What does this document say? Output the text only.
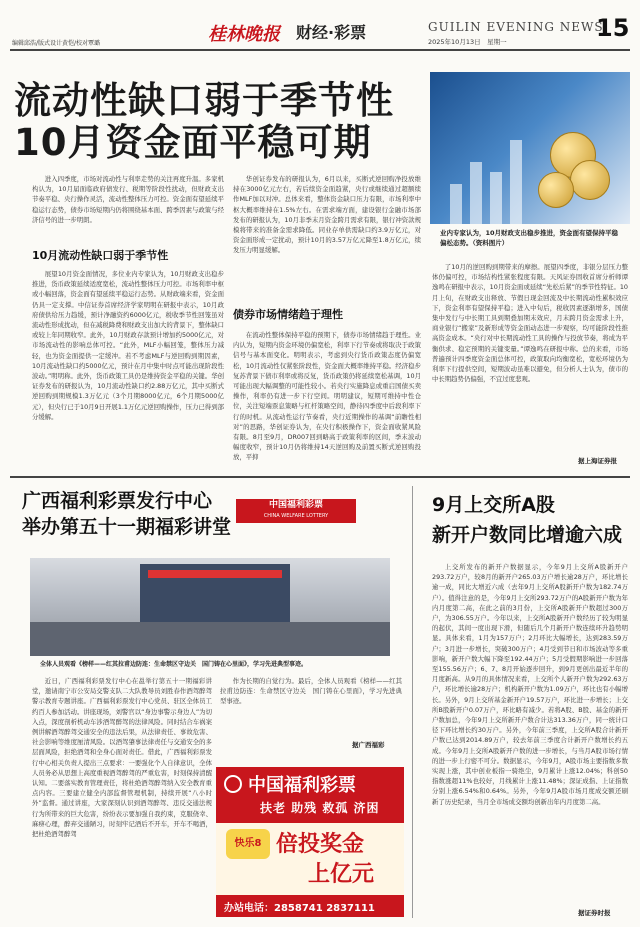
编辑邱浩/版式设计黄恺/校对覃璐	桂林晚报 财经·彩票	GUILIN EVENING NEWS
2025年10月13日　星期一	15
流动性缺口弱于季节性
10月资金面平稳可期
进入四季度，市场对流动性与利率走势的关注再度升温。多家机构认为，10月届面临政府债发行、税期等阶段性扰动，但财政支出节奏平稳、央行操作灵活，流动性整体压力可控。资金面有望延续平稳运行态势，债券市场短期内仍将围绕基本面、跨季因素与政策与经济信号的进一步明朗。
10月流动性缺口弱于季节性
展望10月资金面情况，多位业内专家认为，10月财政支出稳步推进，货币政策延续适度宽松，流动性整体压力可控。市场利率中枢或小幅回落，资金面有望延续平稳运行态势。从财政端来看，资金面仍具一定支撑。中信证券首席经济学家明明在研报中表示，10月政府债供给压力趋缓，预计净融资约6000亿元，税收季节性回笼虽对流动性形成扰动，但在减税降费和财政支出加大的背景下，整体缺口或较上年同期收窄。此外，10月财政存款预计增加约5000亿元，对市场流动性的影响总体可控。“此外，MLF小幅回笼，整体压力减轻，也为资金面提供一定缓冲。若不考虑MLF与逆回购到期因素，10月流动性缺口约5000亿元，预计在月中集中时点可能出现阶段性波动。”明明称。此外，货币政策工具仍是维持资金平稳的关键。华创证券发布的研报认为，10月流动性缺口约2.88万亿元，其中买断式逆回购到期规模1.3万亿元（3个月期8000亿元，6个月期5000亿元），但央行已于10月9日开展1.1万亿元逆回购操作，压力已得到部分缓解。
华创证券发布的研报认为，6月以来，买断式逆回购净投放维持在3000亿元左右，若后续资金面趋紧，央行或继续通过超额续作MLF加以对冲。总体来看，整体资金缺口压力有限，市场利率中枢大概率维持在1.5%左右。在需求端方面，建设银行金融市场部发布的研报认为，10月非季末月资金跨月需求有限，银行冲资款规模将带来的准备金需求降低。同业存单供需缺口约3.9万亿元，对资金面形成一定扰动，预计10月的3.57万亿元降至1.8万亿元，续发压力明显缓解。
债券市场情绪趋于理性
在流动性整体保持平稳的预期下，债券市场情绪趋于理性。业内认为，短期内资金环境仍偏宽松，利率下行节奏或将取决于政策信号与基本面变化。明明表示，考虑到央行货币政策态度仍偏宽松，10月流动性仅紧张阶段性，资金面大概率维持平稳。经济稳步复苏背景下债市利率或将反复，货币政策仍将延续宽松基调，10月可能出现大幅调整的可能性较小。若央行实施降息或重启国债买卖操作，利率仍有进一步下行空间。明明建议，短期可维持中性仓位，关注短端票息策略与杠杆策略空间，静待四季度中后段利率下行的时机。从流动性运行节奏看，央行近期操作的基调“前瞻性相对”的思路，华创证券认为，在央行积极操作下，资金面收紧风险有限。8月至9月，DR007回到略高于政策利率的区间，季末波动幅度收窄，预计10月仍将维持14天逆回购及前置买断式逆回购投放，平抑
业内专家认为，10月财政支出稳步推进，资金面有望保持平稳偏松态势。（资料图片）
了10月的逆回购到期带来的摩擦。展望四季度，非银分层压力整体仍偏可控，市场结构性紧张程度有限。天风证券固收首席分析师谭逸鸣在研报中表示，10月资金面或延续“先松后紧”的季节性特征。10月上旬，在财政支出释放、节假日现金回流及中长期流动性累积效应下，资金利率有望保持平稳；进入中旬后，税收因素逐渐增多，国债集中发行与中长期工具到期叠加期末效应，月末跨月资金需求上升，商业银行“搬家”及新形成等资金面动态进一步观察，均可能阶段性推高资金成本。“央行对中长期流动性工具的操作与投放节奏，将成为平衡供求、稳定预期的关键变量。”谭逸鸣在研报中称。总的来看，市场普遍预计四季度资金面总体可控，政策取向均衡宽松，宽松环境仍为利率下行提供空间，短期波动虽难以避免，但分析人士认为，债市的中长期趋势仍偏强，不宜过度悲观。
据上海证券报
广西福利彩票发行中心
举办第五十一期福彩讲堂
中国福利彩票
CHINA WELFARE LOTTERY
全体人员观看《榜样——红其拉甫边防连：生命禁区守边关　国门铸在心里面》，学习先进典型事迹。
近日，广西福利彩票发行中心在邕举行第五十一期福彩讲堂，邀请南宁市公安局交警支队二大队教导员刘胜春作酒驾醉驾警示教育专题讲座。广西福利彩票发行中心党员、驻区全体员工约百人参加活动。讲座现场，刘警官以“身边事警示身边人”为切入点，深度剖析机动车涉酒驾醉驾的法律风险。同时结合车祸案例讲解酒驾醉驾交通安全的违法后果，从法律责任、事故危害、社会影响等维度厘清风险。以酒驾肇事法律责任与交通安全的多层面风险，拒绝酒驾和全身心面对责任。借此，广西福利彩票发行中心相关负责人提出三点要求：一要强化个人自律意识，全体人员务必从思想上高度重视酒驾醉驾的严重危害，时刻保持清醒认知。二要落实教育管理责任，将杜绝酒驾醉驾纳入安全教育重点内容。三要建立健全内部监督管理机制，持续开展“八小时外”监督。通过讲座，大家深刻认识到酒驾醉驾、违反交通法规行为所带来的巨大危害，纷纷表示要加强自我约束，克服侥幸、麻痹心理，醉弃交通陋习，时刻牢记酒后不开车，开车不喝酒，把杜绝酒驾醉驾
作为长期的自觉行为。最后，全体人员观看《榜样——红其拉甫边防连：生命禁区守边关　国门铸在心里面》，学习先进典型事迹。
据广西福彩
中国福利彩票
扶老 助残 救孤 济困
快乐8 倍投奖金
上亿元
办站电话：2858741 2837111
9月上交所A股
新开户数同比增逾六成
上交所发布的新开户数据显示，今年9月上交所A股新开户293.72万户，较8月的新开户265.03万户增长逾28万户，环比增长逾一成，同比大增近六成（去年9月上交所A股新开户数为182.74万户）。值得注意的是，今年9月上交所293.72万户的A股新开户数为年内月度第二高，在此之前的3月份，上交所A股新开户数超过300万户，为306.55万户。今年以来，上交所A股新开户数经历了较为明显的起伏，其间一度出现下滑，但随后几个月新开户数连续环升趋势明显。具体来看，1月为157万户；2月环比大幅增长，达到283.59万户；3月进一步增长，突破300万户；4月受到节日和市场波动等多重影响，新开户数大幅下降至192.44万户；5月受假期影响进一步回落至155.56万户；6、7、8月开始逐步回升，到9月更创出最近半年的月度新高。从9月的具体情况来看，上交所个人新开户数为292.63万户，环比增长逾28万户；机构新开户数为1.09万户，环比也有小幅增长。另外，9月上交所基金新开户19.57万户，环比进一步增长；上交所B股新开户0.07万户，环比略有减少。若将A股、B股、基金的新开户数加总，今年9月上交所新开户数合计达313.36万户，同一统计口径下环比增长约30万户。另外，今年前三季度，上交所A股合计新开户数已达到2014.89万户，较去年前三季度合计新开户数增长约五成。今年9月上交所A股新开户数的进一步增长，与当月A股市场行情的进一步上行密不可分。数据显示，今年9月，A股市场主要指数多数实现上涨，其中创业板指一骑绝尘，9月累计上涨12.04%；科创50指数涨超11%也较好，月线累计上涨11.48%；深证成指、上证指数分别上涨6.54%和0.64%。另外，今年9月A股市场月度成交额还刷新了历史纪录，当月全市场成交额均创新出年内月度第二高。
据证券时报
